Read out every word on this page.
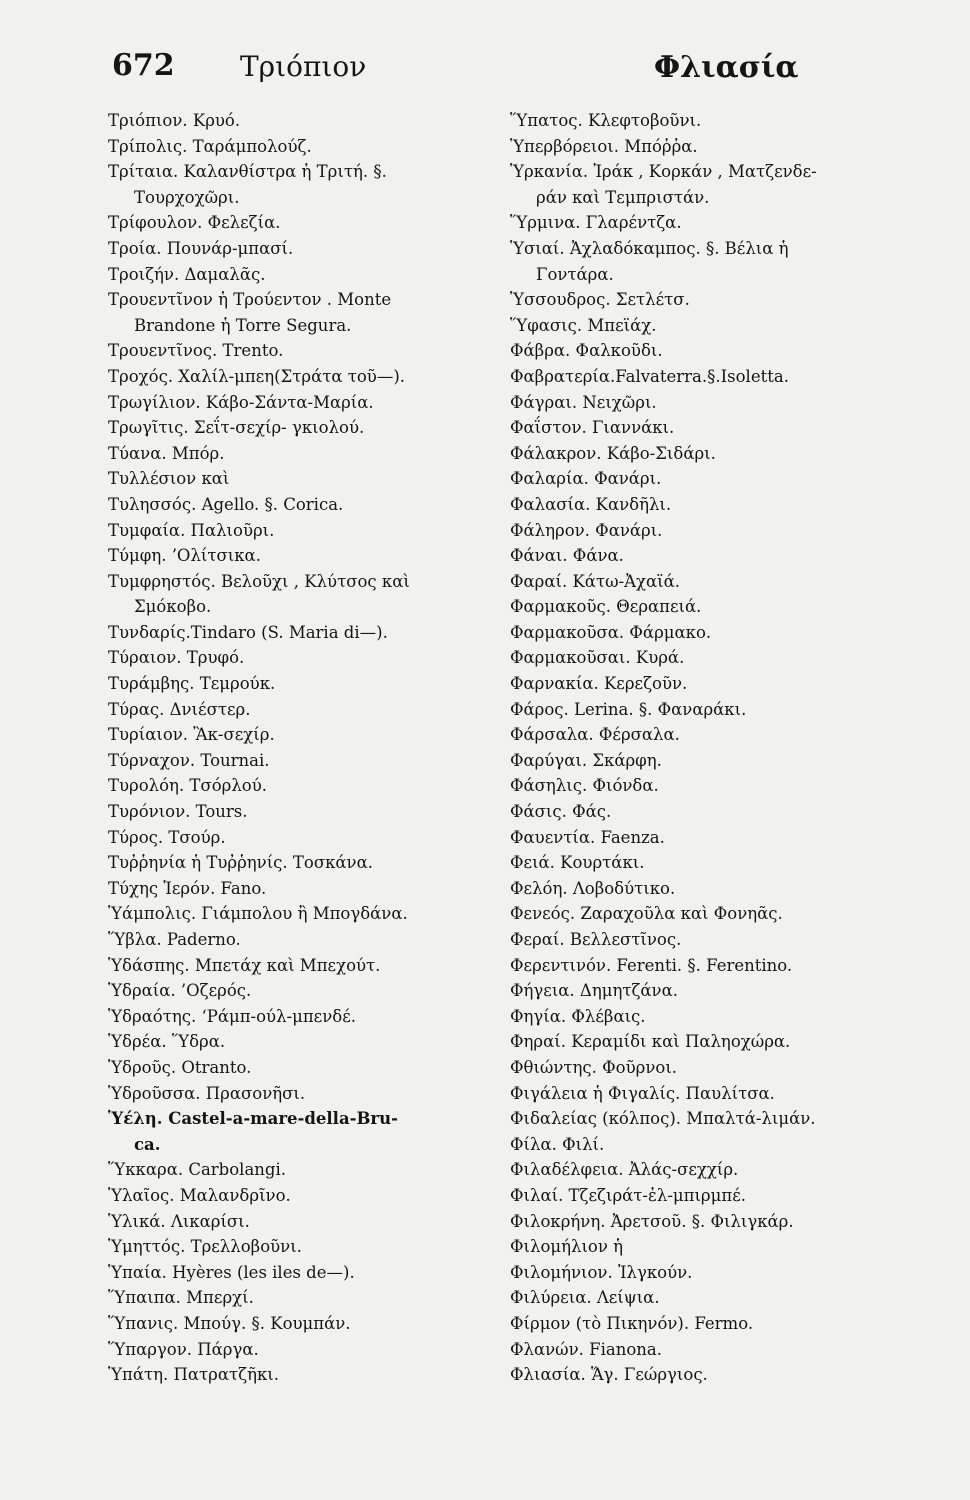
672 Τριόπιον	Φλιασία
Τριόπιον. Κρυό.
Τρίπολις. Ταράμπολούζ.
Τρίταια. Καλανθίστρα ἡ Τριτή. §.
Τουρχοχῶρι.
Τρίφουλον. Φελεζία.
Τροία. Πουνάρ-μπασί.
Τροιζήν. Δαμαλᾶς.
Τρουεντῖνον ἡ Τρούεντον . Monte
Brandone ἡ Torre Segura.
Τρουεντῖνος. Trento.
Τροχός. Χαλίλ-μπεη(Στράτα τοῦ—).
Τρωγίλιον. Κάβο-Σάντα-Μαρία.
Τρωγῖτις. Σεΐτ-σεχίρ- γκιολού.
Τύανα. Μπόρ.
Τυλλέσιον καὶ
Τυλησσός. Agello. §. Corica.
Τυμφαία. Παλιοῦρι.
Τύμφη. ’Ολίτσικα.
Τυμφρηστός. Βελοῦχι , Κλύτσος καὶ
Σμόκοβο.
Τυνδαρίς.Tindaro (S. Maria di—).
Τύραιον. Τρυφό.
Τυράμβης. Τεμρούκ.
Τύρας. Δνιέστερ.
Τυρίαιον. Ἂκ-σεχίρ.
Τύρναχον. Tournai.
Τυρολόη. Τσόρλού.
Τυρόνιον. Tours.
Τύρος. Τσούρ.
Τυῤῥηνία ἡ Τυῤῥηνίς. Τοσκάνα.
Τύχης Ἱερόν. Fano.
Ὑάμπολις. Γιάμπολου ἢ Μπογδάνα.
Ὕβλα. Paderno.
Ὑδάσπης. Μπετάχ καὶ Μπεχούτ.
Ὑδραία. ’Οζερός.
Ὑδραότης. ‘Ράμπ-ούλ-μπενδέ.
Ὑδρέα. Ὕδρα.
Ὑδροῦς. Otranto.
Ὑδροῦσσα. Πρασονῆσι.
Ὑέλη. Castel-a-mare-della-Bru-
ca.
Ὕκκαρα. Carbolangi.
Ὑλαῖος. Μαλανδρῖνο.
Ὑλικά. Λικαρίσι.
Ὑμηττός. Τρελλοβοῦνι.
Ὑπαία. Hyères (les iles de—).
Ὕπαιπα. Μπερχί.
Ὕπανις. Μπούγ. §. Κουμπάν.
Ὕπαργον. Πάργα.
Ὑπάτη. Πατρατζῆκι.
Ὕπατος. Κλεφτοβοῦνι.
Ὑπερβόρειοι. Μπόῤῥα.
Ὑρκανία. Ἰράκ , Κορκάν , Ματζενδε-
ράν καὶ Τεμπριστάν.
Ὕρμινα. Γλαρέντζα.
Ὑσιαί. Ἀχλαδόκαμπος. §. Βέλια ἡ
Γοντάρα.
Ὑσσουδρος. Σετλέτσ.
Ὕφασις. Μπεϊάχ.
Φάβρα. Φαλκοῦδι.
Φαβρατερία.Falvaterra.§.Isoletta.
Φάγραι. Νειχῶρι.
Φαΐστον. Γιαννάκι.
Φάλακρον. Κάβο-Σιδάρι.
Φαλαρία. Φανάρι.
Φαλασία. Κανδῆλι.
Φάληρον. Φανάρι.
Φάναι. Φάνα.
Φαραί. Κάτω-Ἀχαϊά.
Φαρμακοῦς. Θεραπειά.
Φαρμακοῦσα. Φάρμακο.
Φαρμακοῦσαι. Κυρά.
Φαρνακία. Κερεζοῦν.
Φάρος. Lerina. §. Φαναράκι.
Φάρσαλα. Φέρσαλα.
Φαρύγαι. Σκάρφη.
Φάσηλις. Φιόνδα.
Φάσις. Φάς.
Φαυεντία. Faenza.
Φειά. Κουρτάκι.
Φελόη. Λοβοδύτικο.
Φενεός. Ζαραχοῦλα καὶ Φονηᾶς.
Φεραί. Βελλεστῖνος.
Φερεντινόν. Ferenti. §. Ferentino.
Φήγεια. Δημητζάνα.
Φηγία. Φλέβαις.
Φηραί. Κεραμίδι καὶ Παληοχώρα.
Φθιώντης. Φοῦρνοι.
Φιγάλεια ἡ Φιγαλίς. Παυλίτσα.
Φιδαλείας (κόλπος). Μπαλτά-λιμάν.
Φίλα. Φιλί.
Φιλαδέλφεια. Ἀλάς-σεχχίρ.
Φιλαί. Τζεζιράτ-ἐλ-μπιρμπέ.
Φιλοκρήνη. Ἀρετσοῦ. §. Φιλιγκάρ.
Φιλομήλιον ἡ
Φιλομήνιον. Ἰλγκούν.
Φιλύρεια. Λείψια.
Φίρμον (τὸ Πικηνόν). Fermo.
Φλανών. Fianona.
Φλιασία. Ἅγ. Γεώργιος.
